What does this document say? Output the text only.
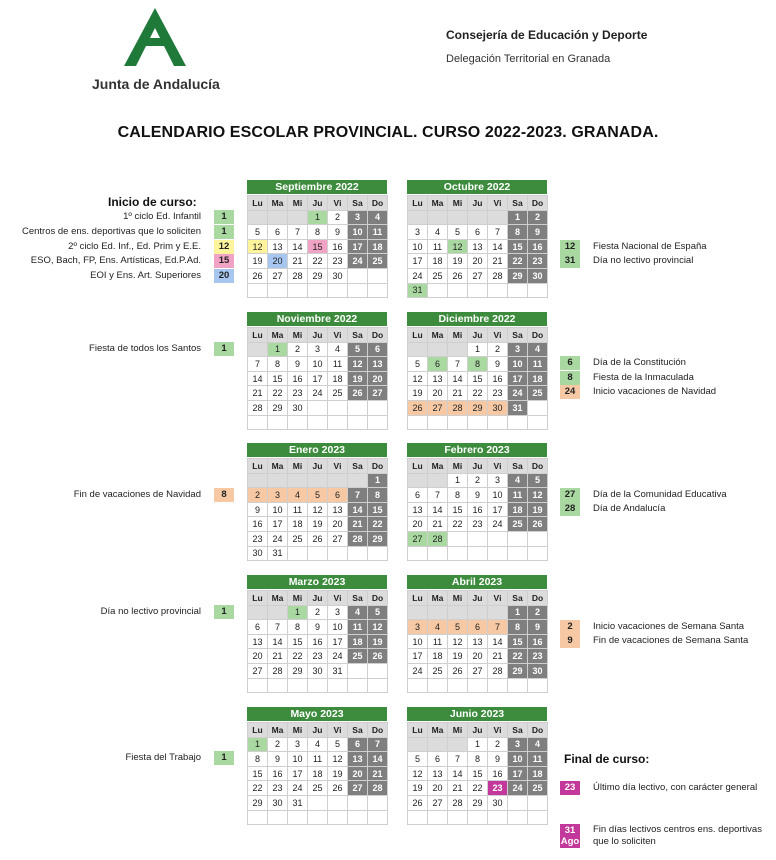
Junta de Andalucía
Consejería de Educación y Deporte
Delegación Territorial en Granada
CALENDARIO ESCOLAR PROVINCIAL. CURSO 2022-2023. GRANADA.
Septiembre 2022
Lu	Ma	Mi	Ju	Vi	Sa	Do
			1	2	3	4
5	6	7	8	9	10	11
12	13	14	15	16	17	18
19	20	21	22	23	24	25
26	27	28	29	30		

Octubre 2022
Lu	Ma	Mi	Ju	Vi	Sa	Do
					1	2
3	4	5	6	7	8	9
10	11	12	13	14	15	16
17	18	19	20	21	22	23
24	25	26	27	28	29	30
31						
Noviembre 2022
Lu	Ma	Mi	Ju	Vi	Sa	Do
	1	2	3	4	5	6
7	8	9	10	11	12	13
14	15	16	17	18	19	20
21	22	23	24	25	26	27
28	29	30				

Diciembre 2022
Lu	Ma	Mi	Ju	Vi	Sa	Do
			1	2	3	4
5	6	7	8	9	10	11
12	13	14	15	16	17	18
19	20	21	22	23	24	25
26	27	28	29	30	31	

Enero 2023
Lu	Ma	Mi	Ju	Vi	Sa	Do
						1
2	3	4	5	6	7	8
9	10	11	12	13	14	15
16	17	18	19	20	21	22
23	24	25	26	27	28	29
30	31					
Febrero 2023
Lu	Ma	Mi	Ju	Vi	Sa	Do
		1	2	3	4	5
6	7	8	9	10	11	12
13	14	15	16	17	18	19
20	21	22	23	24	25	26
27	28					

Marzo 2023
Lu	Ma	Mi	Ju	Vi	Sa	Do
		1	2	3	4	5
6	7	8	9	10	11	12
13	14	15	16	17	18	19
20	21	22	23	24	25	26
27	28	29	30	31		

Abril 2023
Lu	Ma	Mi	Ju	Vi	Sa	Do
					1	2
3	4	5	6	7	8	9
10	11	12	13	14	15	16
17	18	19	20	21	22	23
24	25	26	27	28	29	30

Mayo 2023
Lu	Ma	Mi	Ju	Vi	Sa	Do
1	2	3	4	5	6	7
8	9	10	11	12	13	14
15	16	17	18	19	20	21
22	23	24	25	26	27	28
29	30	31				

Junio 2023
Lu	Ma	Mi	Ju	Vi	Sa	Do
			1	2	3	4
5	6	7	8	9	10	11
12	13	14	15	16	17	18
19	20	21	22	23	24	25
26	27	28	29	30		

Inicio de curso:
1º ciclo Ed. Infantil	1
Centros de ens. deportivas que lo soliciten	1
2º ciclo Ed. Inf., Ed. Prim y E.E.	12
ESO, Bach, FP, Ens. Artísticas, Ed.P.Ad.	15
EOI y Ens. Art. Superiores	20
Fiesta de todos los Santos	1
Fin de vacaciones de Navidad	8
Día no lectivo provincial	1
Fiesta del Trabajo	1
12	Fiesta Nacional de España
31	Día no lectivo provincial
6	Día de la Constitución
8	Fiesta de la Inmaculada
24	Inicio vacaciones de Navidad
27	Día de la Comunidad Educativa
28	Día de Andalucía
2	Inicio vacaciones de Semana Santa
9	Fin de vacaciones de Semana Santa
Final de curso:
23	Último día lectivo, con carácter general
31
Ago
Fin días lectivos centros ens. deportivas
que lo soliciten
